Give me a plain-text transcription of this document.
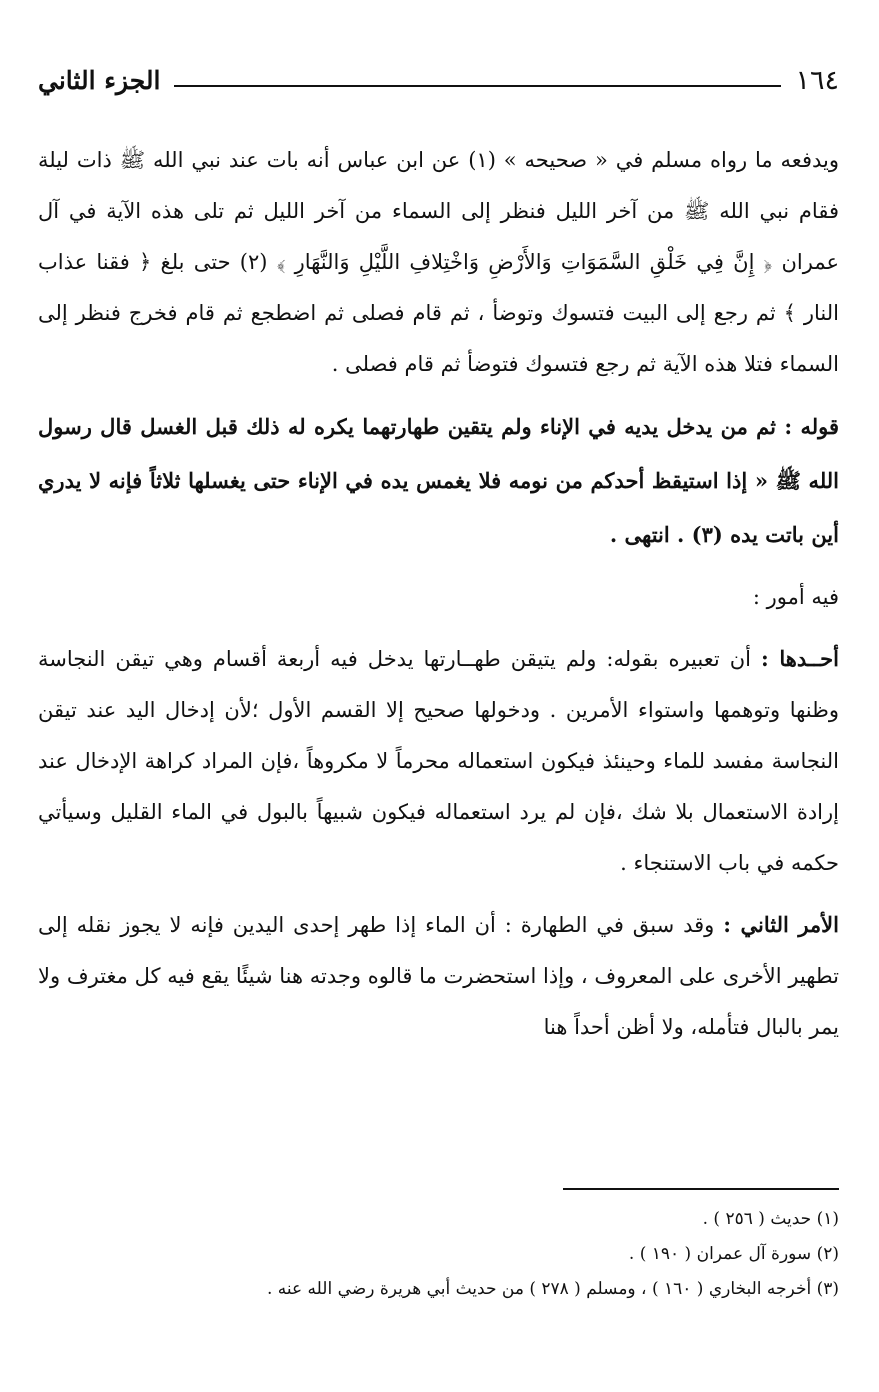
١٦٤
الجزء الثاني

ويدفعه ما رواه مسلم في « صحيحه » (١) عن ابن عباس أنه بات عند نبي الله ﷺ ذات ليلة فقام نبي الله ﷺ من آخر الليل فنظر إلى السماء من آخر الليل ثم تلى هذه الآية في آل عمران ﴿ إِنَّ فِي خَلْقِ السَّمَوَاتِ وَالأَرْضِ وَاخْتِلافِ اللَّيْلِ وَالنَّهَارِ ﴾ (٢) حتى بلغ ﴿ فقنا عذاب النار ﴾ ثم رجع إلى البيت فتسوك وتوضأ ، ثم قام فصلى ثم اضطجع ثم قام فخرج فنظر إلى السماء فتلا هذه الآية ثم رجع فتسوك فتوضأ ثم قام فصلى .

قوله : ثم من يدخل يديه في الإناء ولم يتقين طهارتهما يكره له ذلك قبل الغسل قال رسول الله ﷺ « إذا استيقظ أحدكم من نومه فلا يغمس يده في الإناء حتى يغسلها ثلاثاً فإنه لا يدري أين باتت يده (٣) . انتهى .

فيه أمور :

أحــدها : أن تعبيره بقوله: ولم يتيقن طهــارتها يدخل فيه أربعة أقسام وهي تيقن النجاسة وظنها وتوهمها واستواء الأمرين . ودخولها صحيح إلا القسم الأول ؛لأن إدخال اليد عند تيقن النجاسة مفسد للماء وحينئذ فيكون استعماله محرماً لا مكروهاً ،فإن المراد كراهة الإدخال عند إرادة الاستعمال بلا شك ،فإن لم يرد استعماله فيكون شبيهاً بالبول في الماء القليل وسيأتي حكمه في باب الاستنجاء .

الأمر الثاني : وقد سبق في الطهارة : أن الماء إذا طهر إحدى اليدين فإنه لا يجوز نقله إلى تطهير الأخرى على المعروف ، وإذا استحضرت ما قالوه وجدته هنا شيئًا يقع فيه كل مغترف ولا يمر بالبال فتأمله، ولا أظن أحداً هنا

(١) حديث ( ٢٥٦ ) .

(٢) سورة آل عمران ( ١٩٠ ) .

(٣) أخرجه البخاري ( ١٦٠ ) ، ومسلم ( ٢٧٨ ) من حديث أبي هريرة رضي الله عنه .
